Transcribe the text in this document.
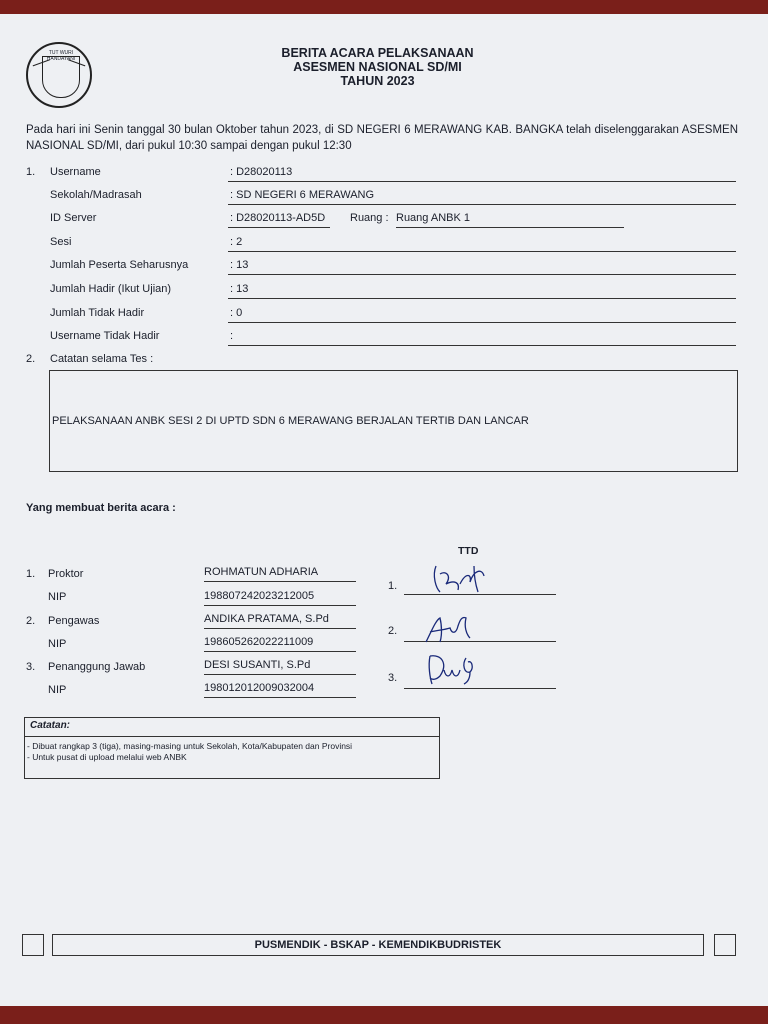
TUT WURI HANDAYANI	BERITA ACARA PELAKSANAAN
ASESMEN NASIONAL SD/MI
TAHUN 2023
Pada hari ini Senin tanggal 30 bulan Oktober tahun 2023, di SD NEGERI 6 MERAWANG KAB. BANGKA telah diselenggarakan ASESMEN NASIONAL SD/MI, dari pukul 10:30 sampai dengan pukul 12:30
1. Username	: D28020113
Sekolah/Madrasah	: SD NEGERI 6 MERAWANG
ID Server	: D28020113-AD5D	Ruang : Ruang ANBK 1
Sesi	: 2
Jumlah Peserta Seharusnya	: 13
Jumlah Hadir (Ikut Ujian)	: 13
Jumlah Tidak Hadir	: 0
Username Tidak Hadir	:
2. Catatan selama Tes :
PELAKSANAAN ANBK SESI 2 DI UPTD SDN 6 MERAWANG BERJALAN TERTIB DAN LANCAR
Yang membuat berita acara :
TTD
1. Proktor	ROHMATUN ADHARIA
NIP	198807242023212005
2. Pengawas	ANDIKA PRATAMA, S.Pd
NIP	198605262022211009
3. Penanggung Jawab	DESI SUSANTI, S.Pd
NIP	198012012009032004
1.
2.
3.
Catatan:
- Dibuat rangkap 3 (tiga), masing-masing untuk Sekolah, Kota/Kabupaten dan Provinsi
- Untuk pusat di upload melalui web ANBK
PUSMENDIK - BSKAP - KEMENDIKBUDRISTEK
